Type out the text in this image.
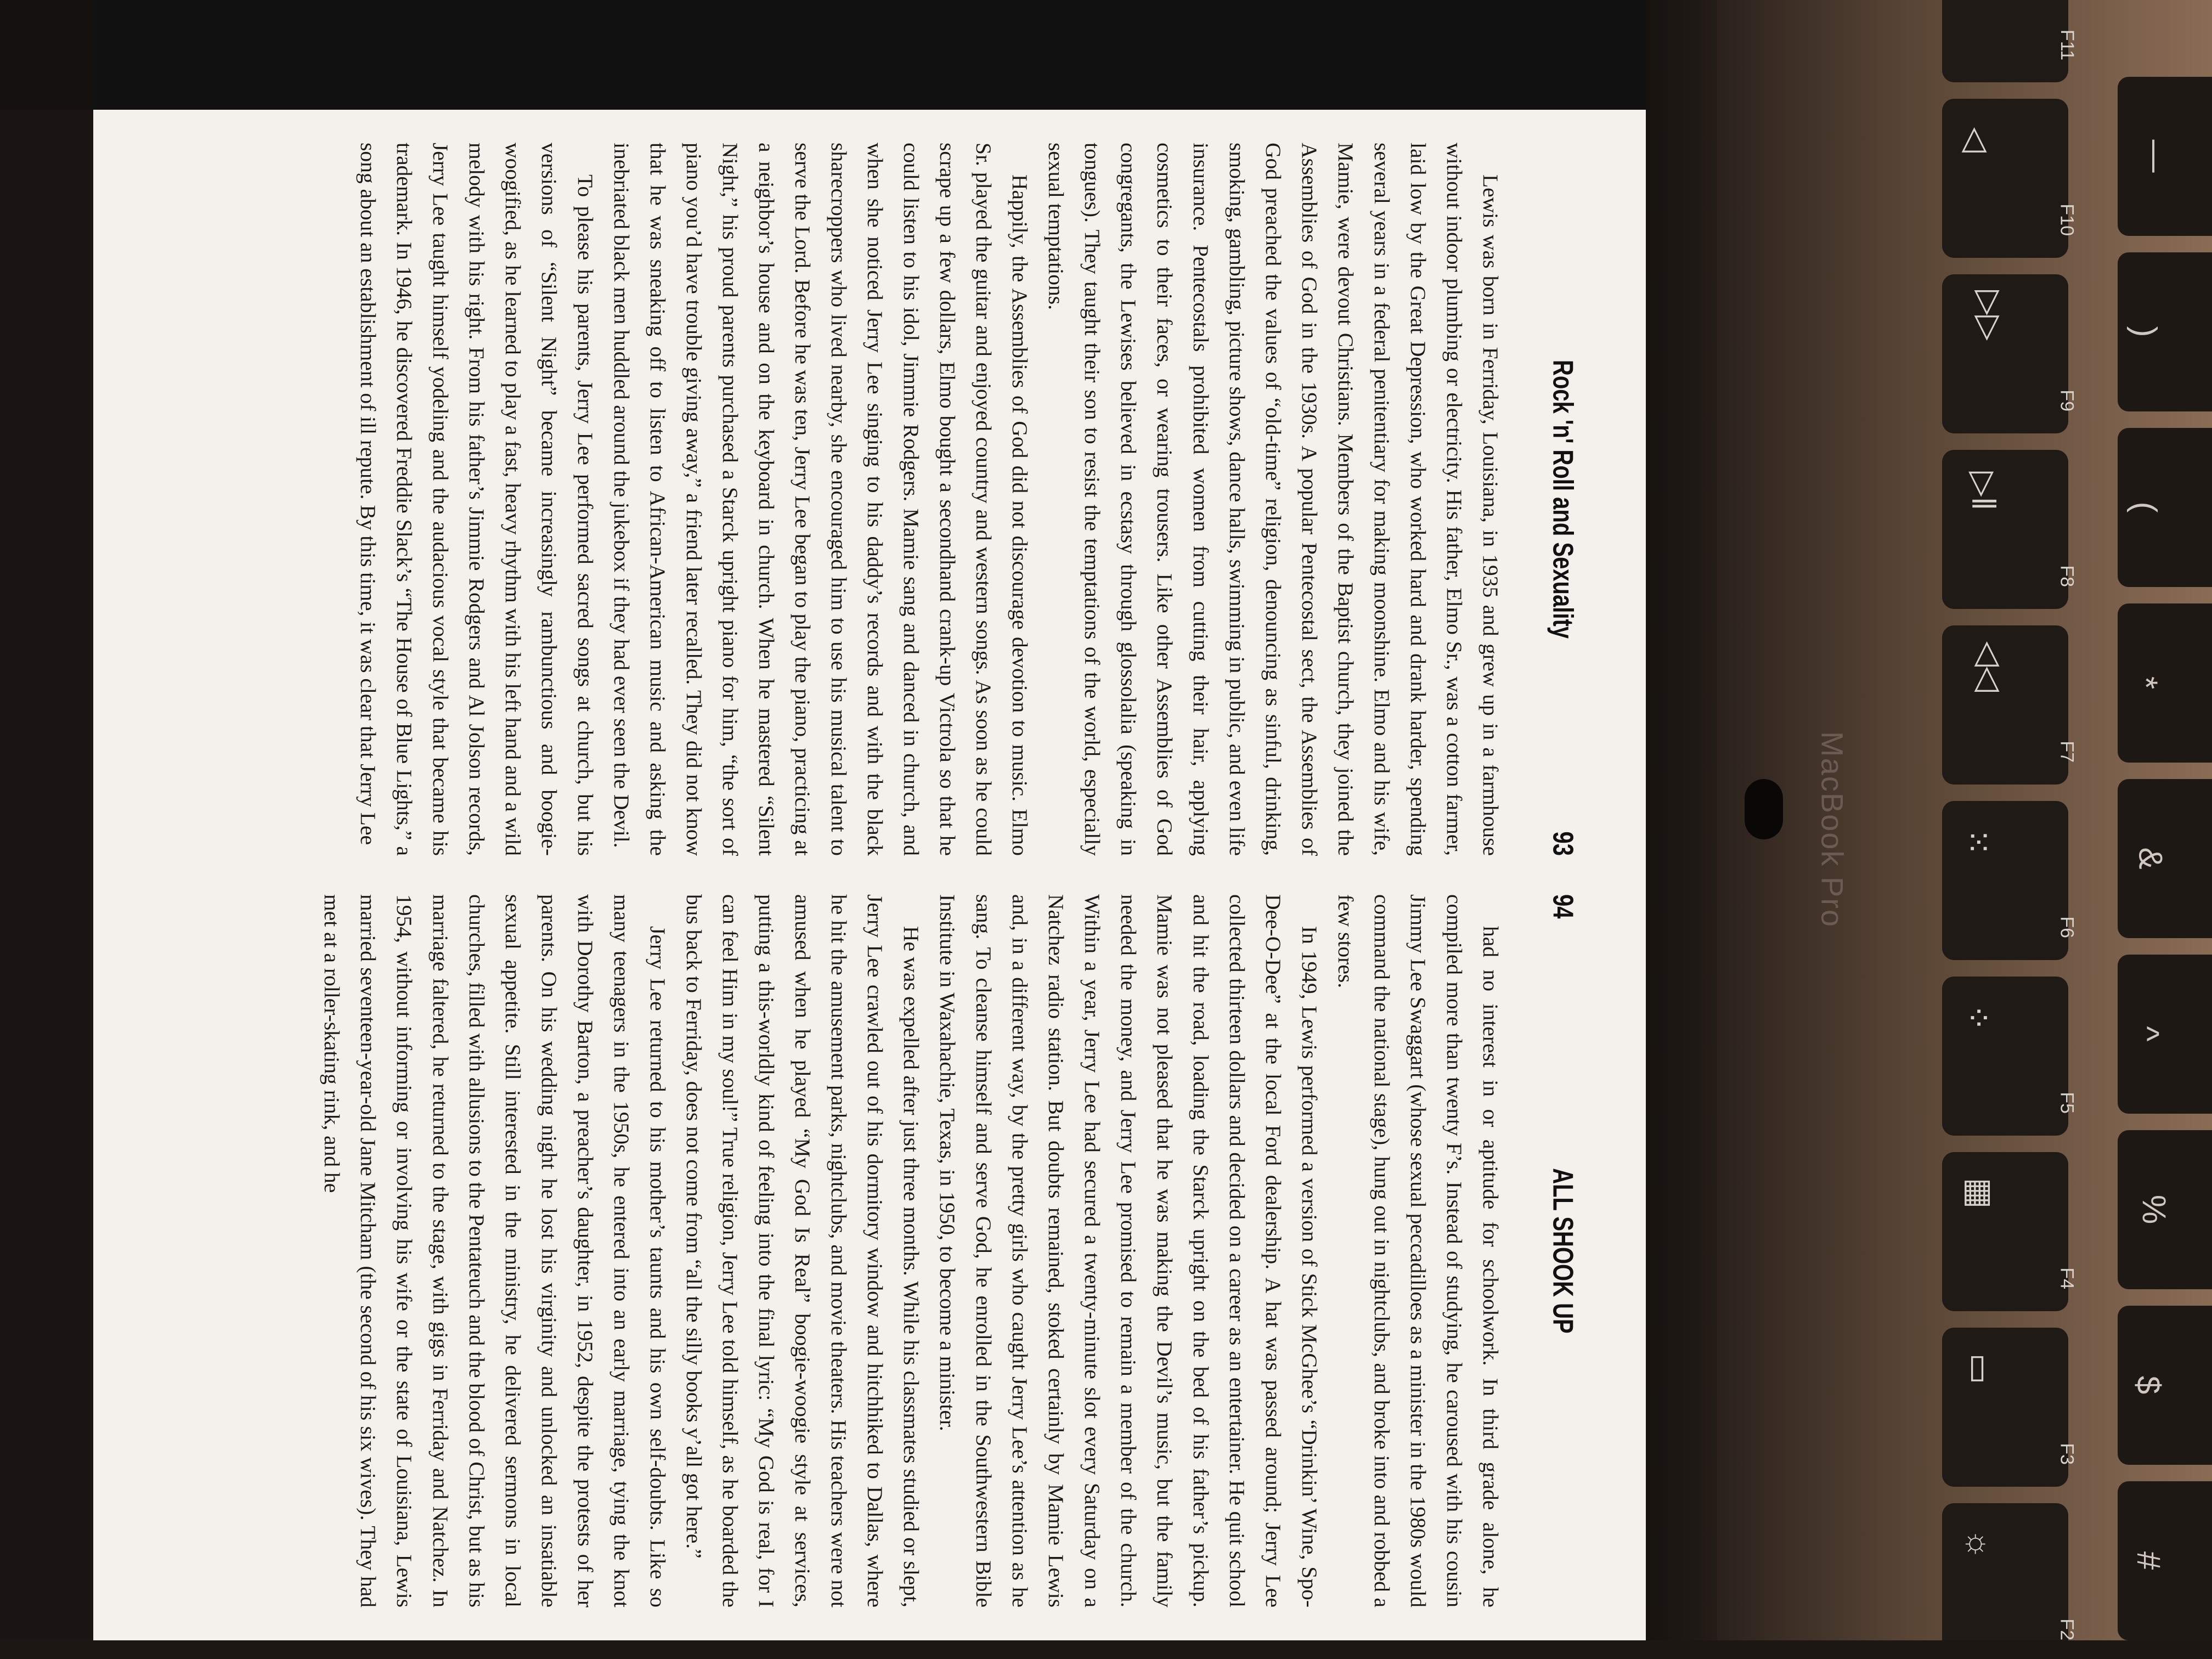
Rock 'n' Roll and Sexuality
93

Lewis was born in Ferriday, Louisiana, in 1935 and grew up in a farmhouse without indoor plumbing or electricity. His father, Elmo Sr., was a cotton farmer, laid low by the Great Depression, who worked hard and drank harder, spending several years in a federal penitentiary for making moonshine. Elmo and his wife, Mamie, were devout Christians. Members of the Baptist church, they joined the Assemblies of God in the 1930s. A popular Pentecostal sect, the Assemblies of God preached the values of “old-time” religion, denouncing as sinful, drinking, smoking, gambling, picture shows, dance halls, swimming in public, and even life insurance. Pentecostals prohibited women from cutting their hair, applying cosmetics to their faces, or wearing trousers. Like other Assemblies of God congregants, the Lewises believed in ecstasy through glossolalia (speaking in tongues). They taught their son to resist the temptations of the world, especially sexual temptations.

Happily, the Assemblies of God did not discourage devotion to music. Elmo Sr. played the guitar and enjoyed country and western songs. As soon as he could scrape up a few dollars, Elmo bought a secondhand crank-up Victrola so that he could listen to his idol, Jimmie Rodgers. Mamie sang and danced in church, and when she noticed Jerry Lee singing to his daddy’s records and with the black sharecroppers who lived nearby, she encouraged him to use his musical talent to serve the Lord. Before he was ten, Jerry Lee began to play the piano, practicing at a neighbor’s house and on the keyboard in church. When he mastered “Silent Night,” his proud parents purchased a Starck upright piano for him, “the sort of piano you’d have trouble giving away,” a friend later recalled. They did not know that he was sneaking off to listen to African-American music and asking the inebriated black men huddled around the jukebox if they had ever seen the Devil.

To please his parents, Jerry Lee performed sacred songs at church, but his versions of “Silent Night” became increasingly rambunctious and boogie-woogified, as he learned to play a fast, heavy rhythm with his left hand and a wild melody with his right. From his father’s Jimmie Rodgers and Al Jolson records, Jerry Lee taught himself yodeling and the audacious vocal style that became his trademark. In 1946, he discovered Freddie Slack’s “The House of Blue Lights,” a song about an establishment of ill repute. By this time, it was clear that Jerry Lee

94
ALL SHOOK UP

had no interest in or aptitude for schoolwork. In third grade alone, he compiled more than twenty F’s. Instead of studying, he caroused with his cousin Jimmy Lee Swaggart (whose sexual peccadilloes as a minister in the 1980s would command the national stage), hung out in nightclubs, and broke into and robbed a few stores.

In 1949, Lewis performed a version of Stick McGhee’s “Drinkin’ Wine, Spo-Dee-O-Dee” at the local Ford dealership. A hat was passed around; Jerry Lee collected thirteen dollars and decided on a career as an entertainer. He quit school and hit the road, loading the Starck upright on the bed of his father’s pickup. Mamie was not pleased that he was making the Devil’s music, but the family needed the money, and Jerry Lee promised to remain a member of the church. Within a year, Jerry Lee had secured a twenty-minute slot every Saturday on a Natchez radio station. But doubts remained, stoked certainly by Mamie Lewis and, in a different way, by the pretty girls who caught Jerry Lee’s attention as he sang. To cleanse himself and serve God, he enrolled in the Southwestern Bible Institute in Waxahachie, Texas, in 1950, to become a minister.

He was expelled after just three months. While his classmates studied or slept, Jerry Lee crawled out of his dormitory window and hitchhiked to Dallas, where he hit the amusement parks, nightclubs, and movie theaters. His teachers were not amused when he played “My God Is Real” boogie-woogie style at services, putting a this-worldly kind of feeling into the final lyric: “My God is real, for I can feel Him in my soul!” True religion, Jerry Lee told himself, as he boarded the bus back to Ferriday, does not come from “all the silly books y’all got here.”

Jerry Lee returned to his mother’s taunts and his own self-doubts. Like so many teenagers in the 1950s, he entered into an early marriage, tying the knot with Dorothy Barton, a preacher’s daughter, in 1952, despite the protests of her parents. On his wedding night he lost his virginity and unlocked an insatiable sexual appetite. Still interested in the ministry, he delivered sermons in local churches, filled with allusions to the Pentateuch and the blood of Christ, but as his marriage faltered, he returned to the stage, with gigs in Ferriday and Natchez. In 1954, without informing or involving his wife or the state of Louisiana, Lewis married seventeen-year-old Jane Mitcham (the second of his six wives). They had met at a roller-skating rink, and he

MacBook Pro
☼
F2
▭
F3
▦
F4
⁘
F5
⁙
F6
◁◁
F7
▷‖
F8
▷▷
F9
◁
F10
F11
#
$
%
^
&
*
(
)
—
